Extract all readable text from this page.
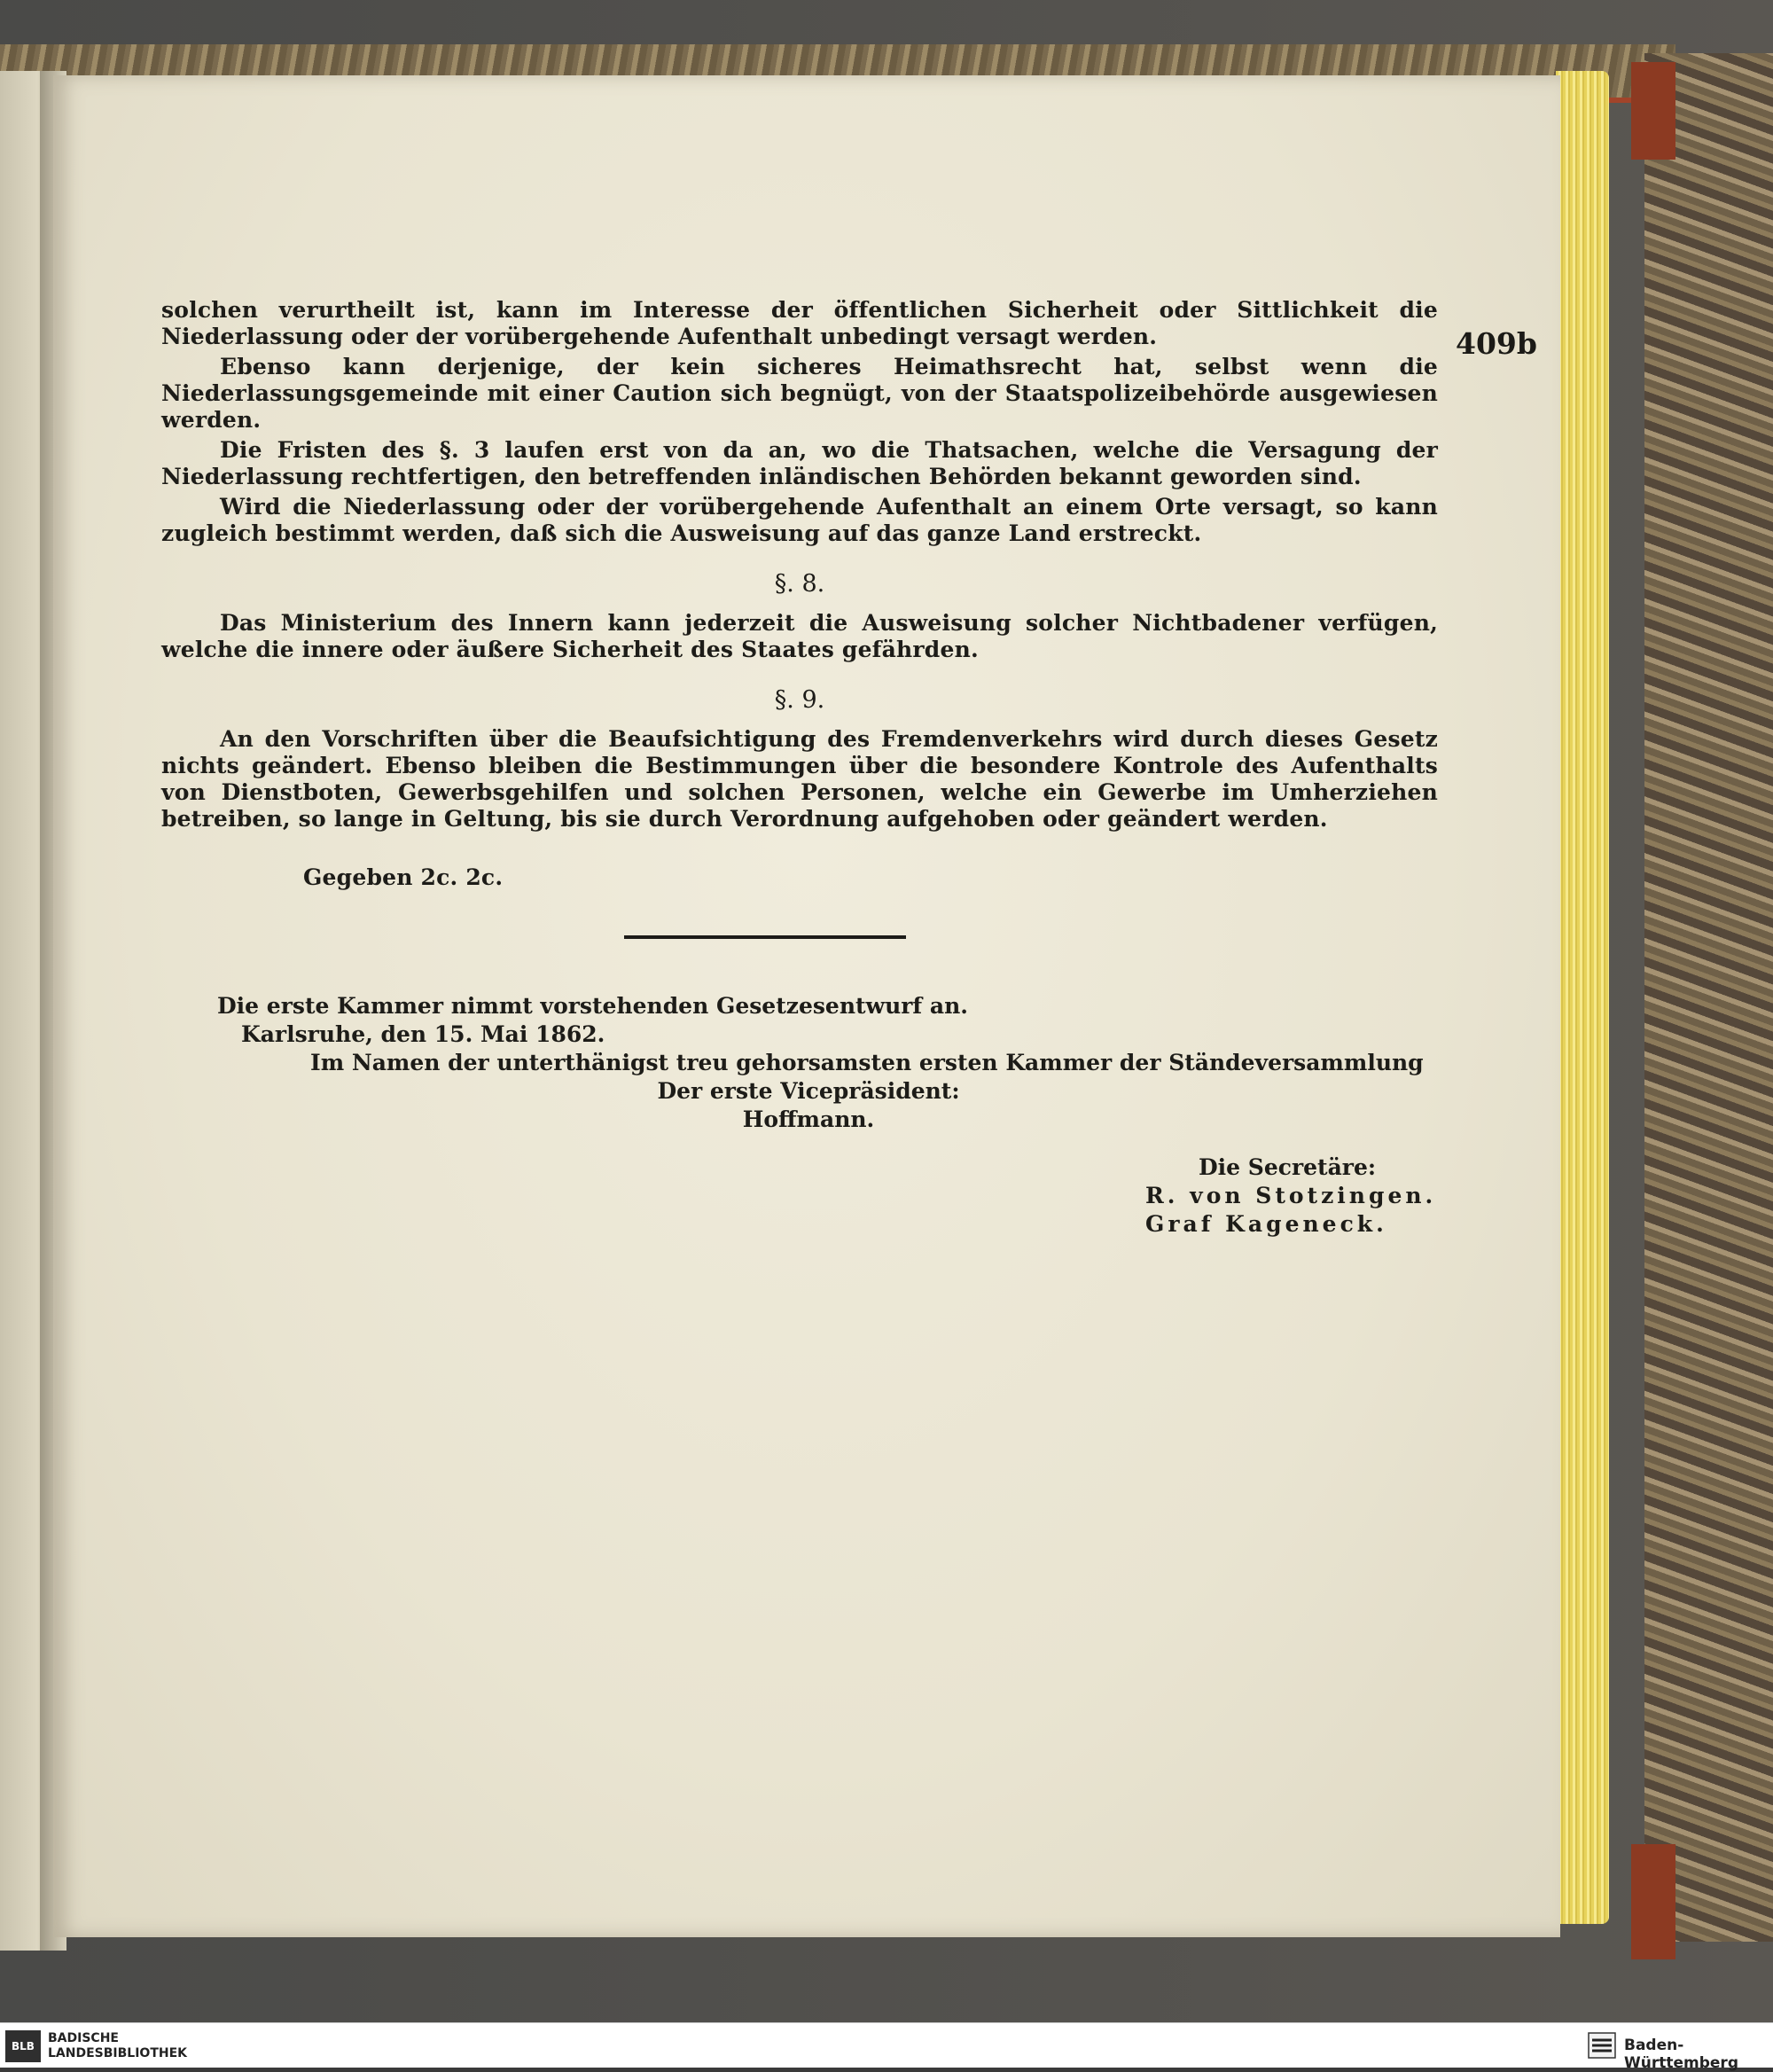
409b

solchen verurtheilt ist, kann im Interesse der öffentlichen Sicherheit oder Sittlichkeit die Niederlassung oder der vorübergehende Aufenthalt unbedingt versagt werden.

Ebenso kann derjenige, der kein sicheres Heimathsrecht hat, selbst wenn die Niederlassungsgemeinde mit einer Caution sich begnügt, von der Staatspolizeibehörde ausgewiesen werden.

Die Fristen des §. 3 laufen erst von da an, wo die Thatsachen, welche die Versagung der Niederlassung rechtfertigen, den betreffenden inländischen Behörden bekannt geworden sind.

Wird die Niederlassung oder der vorübergehende Aufenthalt an einem Orte versagt, so kann zugleich bestimmt werden, daß sich die Ausweisung auf das ganze Land erstreckt.

§. 8.

Das Ministerium des Innern kann jederzeit die Ausweisung solcher Nichtbadener verfügen, welche die innere oder äußere Sicherheit des Staates gefährden.

§. 9.

An den Vorschriften über die Beaufsichtigung des Fremdenverkehrs wird durch dieses Gesetz nichts geändert. Ebenso bleiben die Bestimmungen über die besondere Kontrole des Aufenthalts von Dienstboten, Gewerbsgehilfen und solchen Personen, welche ein Gewerbe im Umherziehen betreiben, so lange in Geltung, bis sie durch Verordnung aufgehoben oder geändert werden.

Gegeben 2c. 2c.

Die erste Kammer nimmt vorstehenden Gesetzesentwurf an.

Karlsruhe, den 15. Mai 1862.

Im Namen der unterthänigst treu gehorsamsten ersten Kammer der Ständeversammlung

Der erste Vicepräsident:

Hoffmann.

Die Secretäre:

R. von Stotzingen.

Graf Kageneck.

BLB
BADISCHE
LANDESBIBLIOTHEK	Baden-Württemberg
